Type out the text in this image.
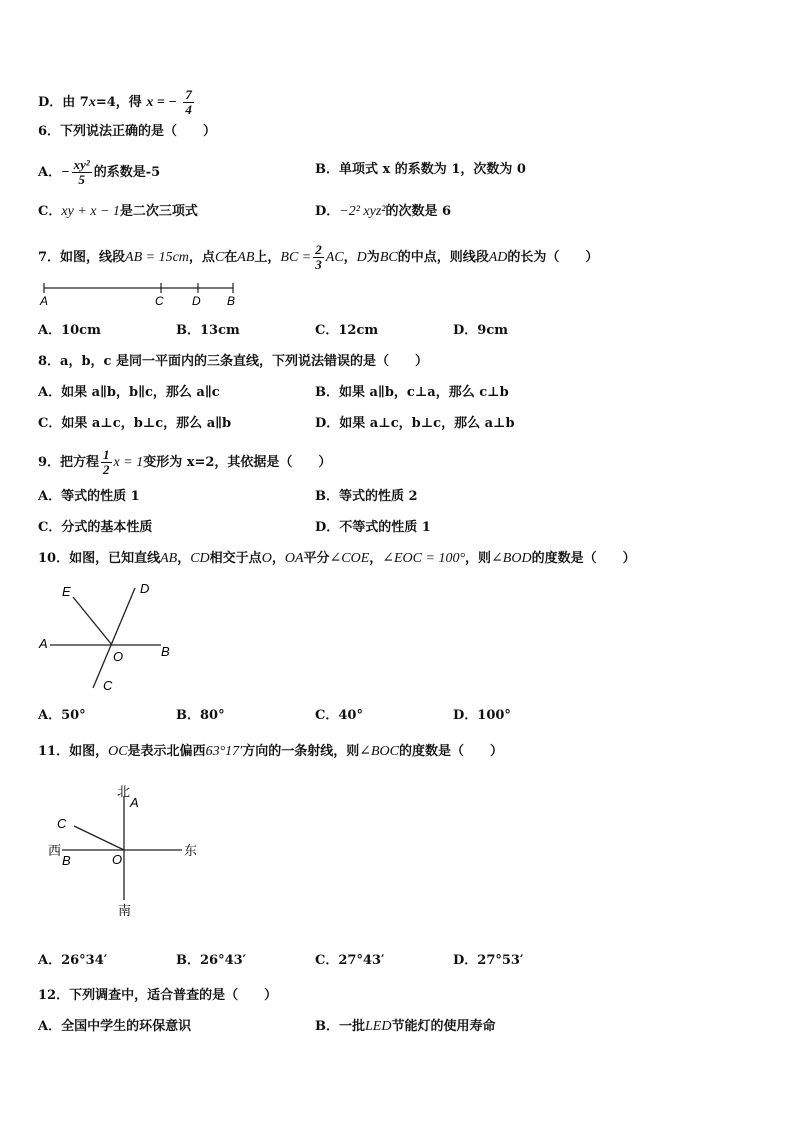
D．由 7x=4，得 x = − $\frac{7}{4}$
6．下列说法正确的是（　　）
A．− $\frac{\text{xy²}}{5}$ 的系数是-5	B．单项式 x 的系数为 1，次数为 0
C．xy + x − 1是二次三项式	D．−2² xyz²的次数是 6
7．如图，线段AB = 15cm，点C在AB上，BC = $\frac{2}{3}$ AC，D为BC的中点，则线段AD的长为（　　）
A	C D B
A．10cm	B．13cm	C．12cm	D．9cm
8．a，b，c 是同一平面内的三条直线，下列说法错误的是（　　）
A．如果 a∥b，b∥c，那么 a∥c	B．如果 a∥b，c⊥a，那么 c⊥b
C．如果 a⊥c，b⊥c，那么 a∥b	D．如果 a⊥c，b⊥c，那么 a⊥b
9．把方程 $\frac{1}{2}$ x = 1变形为 x=2，其依据是（　　）
A．等式的性质 1	B．等式的性质 2
C．分式的基本性质	D．不等式的性质 1
10．如图，已知直线AB，CD相交于点O，OA平分∠COE，∠EOC = 100°，则∠BOD的度数是（　　）
E	D
A
O	B
C
A．50°	B．80°	C．40°	D．100°
11．如图，OC是表示北偏西63°17′方向的一条射线，则∠BOC的度数是（　　）
北
A
C
西
B	O
东
南
A．26°34′	B．26°43′	C．27°43′	D．27°53′
12．下列调查中，适合普查的是（　　）
A．全国中学生的环保意识	B．一批LED节能灯的使用寿命
